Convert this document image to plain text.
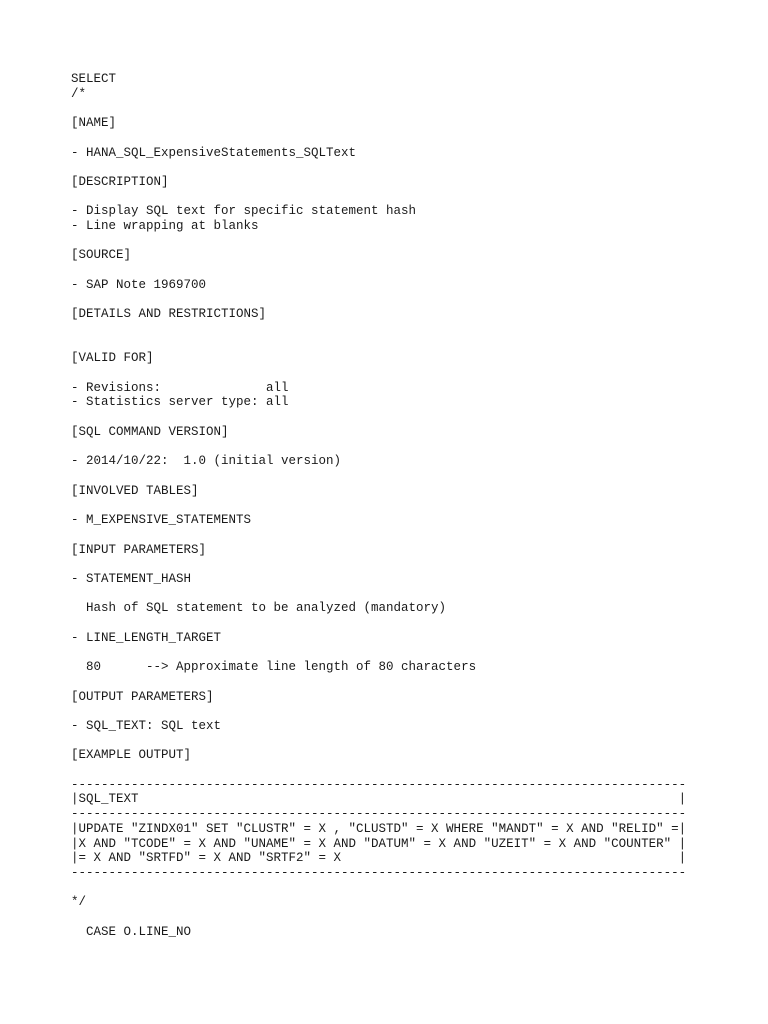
SELECT
/*

[NAME]

- HANA_SQL_ExpensiveStatements_SQLText

[DESCRIPTION]

- Display SQL text for specific statement hash
- Line wrapping at blanks

[SOURCE]

- SAP Note 1969700

[DETAILS AND RESTRICTIONS]

[VALID FOR]

- Revisions:              all
- Statistics server type: all

[SQL COMMAND VERSION]

- 2014/10/22:  1.0 (initial version)

[INVOLVED TABLES]

- M_EXPENSIVE_STATEMENTS

[INPUT PARAMETERS]

- STATEMENT_HASH

Hash of SQL statement to be analyzed (mandatory)

- LINE_LENGTH_TARGET

80      --> Approximate line length of 80 characters

[OUTPUT PARAMETERS]

- SQL_TEXT: SQL text

[EXAMPLE OUTPUT]

----------------------------------------------------------------------------------
|SQL_TEXT                                                                        |
----------------------------------------------------------------------------------
|UPDATE "ZINDX01" SET "CLUSTR" = X , "CLUSTD" = X WHERE "MANDT" = X AND "RELID" =|
|X AND "TCODE" = X AND "UNAME" = X AND "DATUM" = X AND "UZEIT" = X AND "COUNTER" |
|= X AND "SRTFD" = X AND "SRTF2" = X                                             |
----------------------------------------------------------------------------------

*/

CASE O.LINE_NO
